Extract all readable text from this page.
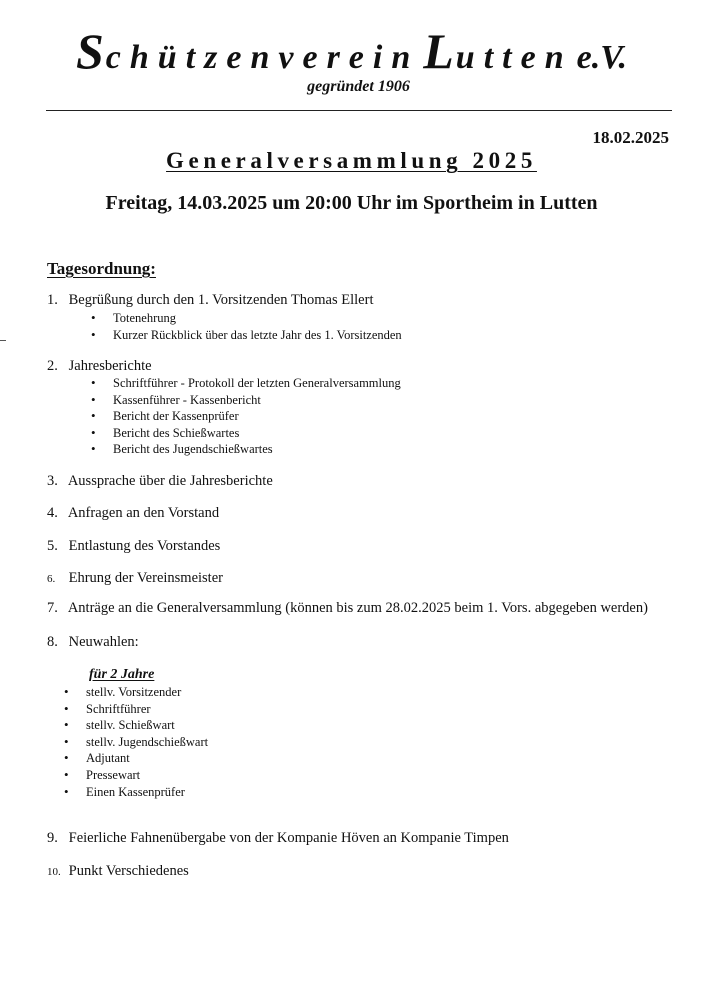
Schützenverein Lutten e.V.
gegründet 1906
18.02.2025
Generalversammlung 2025
Freitag, 14.03.2025 um 20:00 Uhr im Sportheim in Lutten
Tagesordnung:
1. Begrüßung durch den 1. Vorsitzenden Thomas Ellert
•	Totenehrung
•	Kurzer Rückblick über das letzte Jahr des 1. Vorsitzenden
2. Jahresberichte
•	Schriftführer - Protokoll der letzten Generalversammlung
•	Kassenführer - Kassenbericht
•	Bericht der Kassenprüfer
•	Bericht des Schießwartes
•	Bericht des Jugendschießwartes
3. Aussprache über die Jahresberichte
4. Anfragen an den Vorstand
5. Entlastung des Vorstandes
6. Ehrung der Vereinsmeister
7. Anträge an die Generalversammlung (können bis zum 28.02.2025 beim 1. Vors. abgegeben werden)
8. Neuwahlen:
für 2 Jahre
•	stellv. Vorsitzender
•	Schriftführer
•	stellv. Schießwart
•	stellv. Jugendschießwart
•	Adjutant
•	Pressewart
•	Einen Kassenprüfer
9. Feierliche Fahnenübergabe von der Kompanie Höven an Kompanie Timpen
10. Punkt Verschiedenes
